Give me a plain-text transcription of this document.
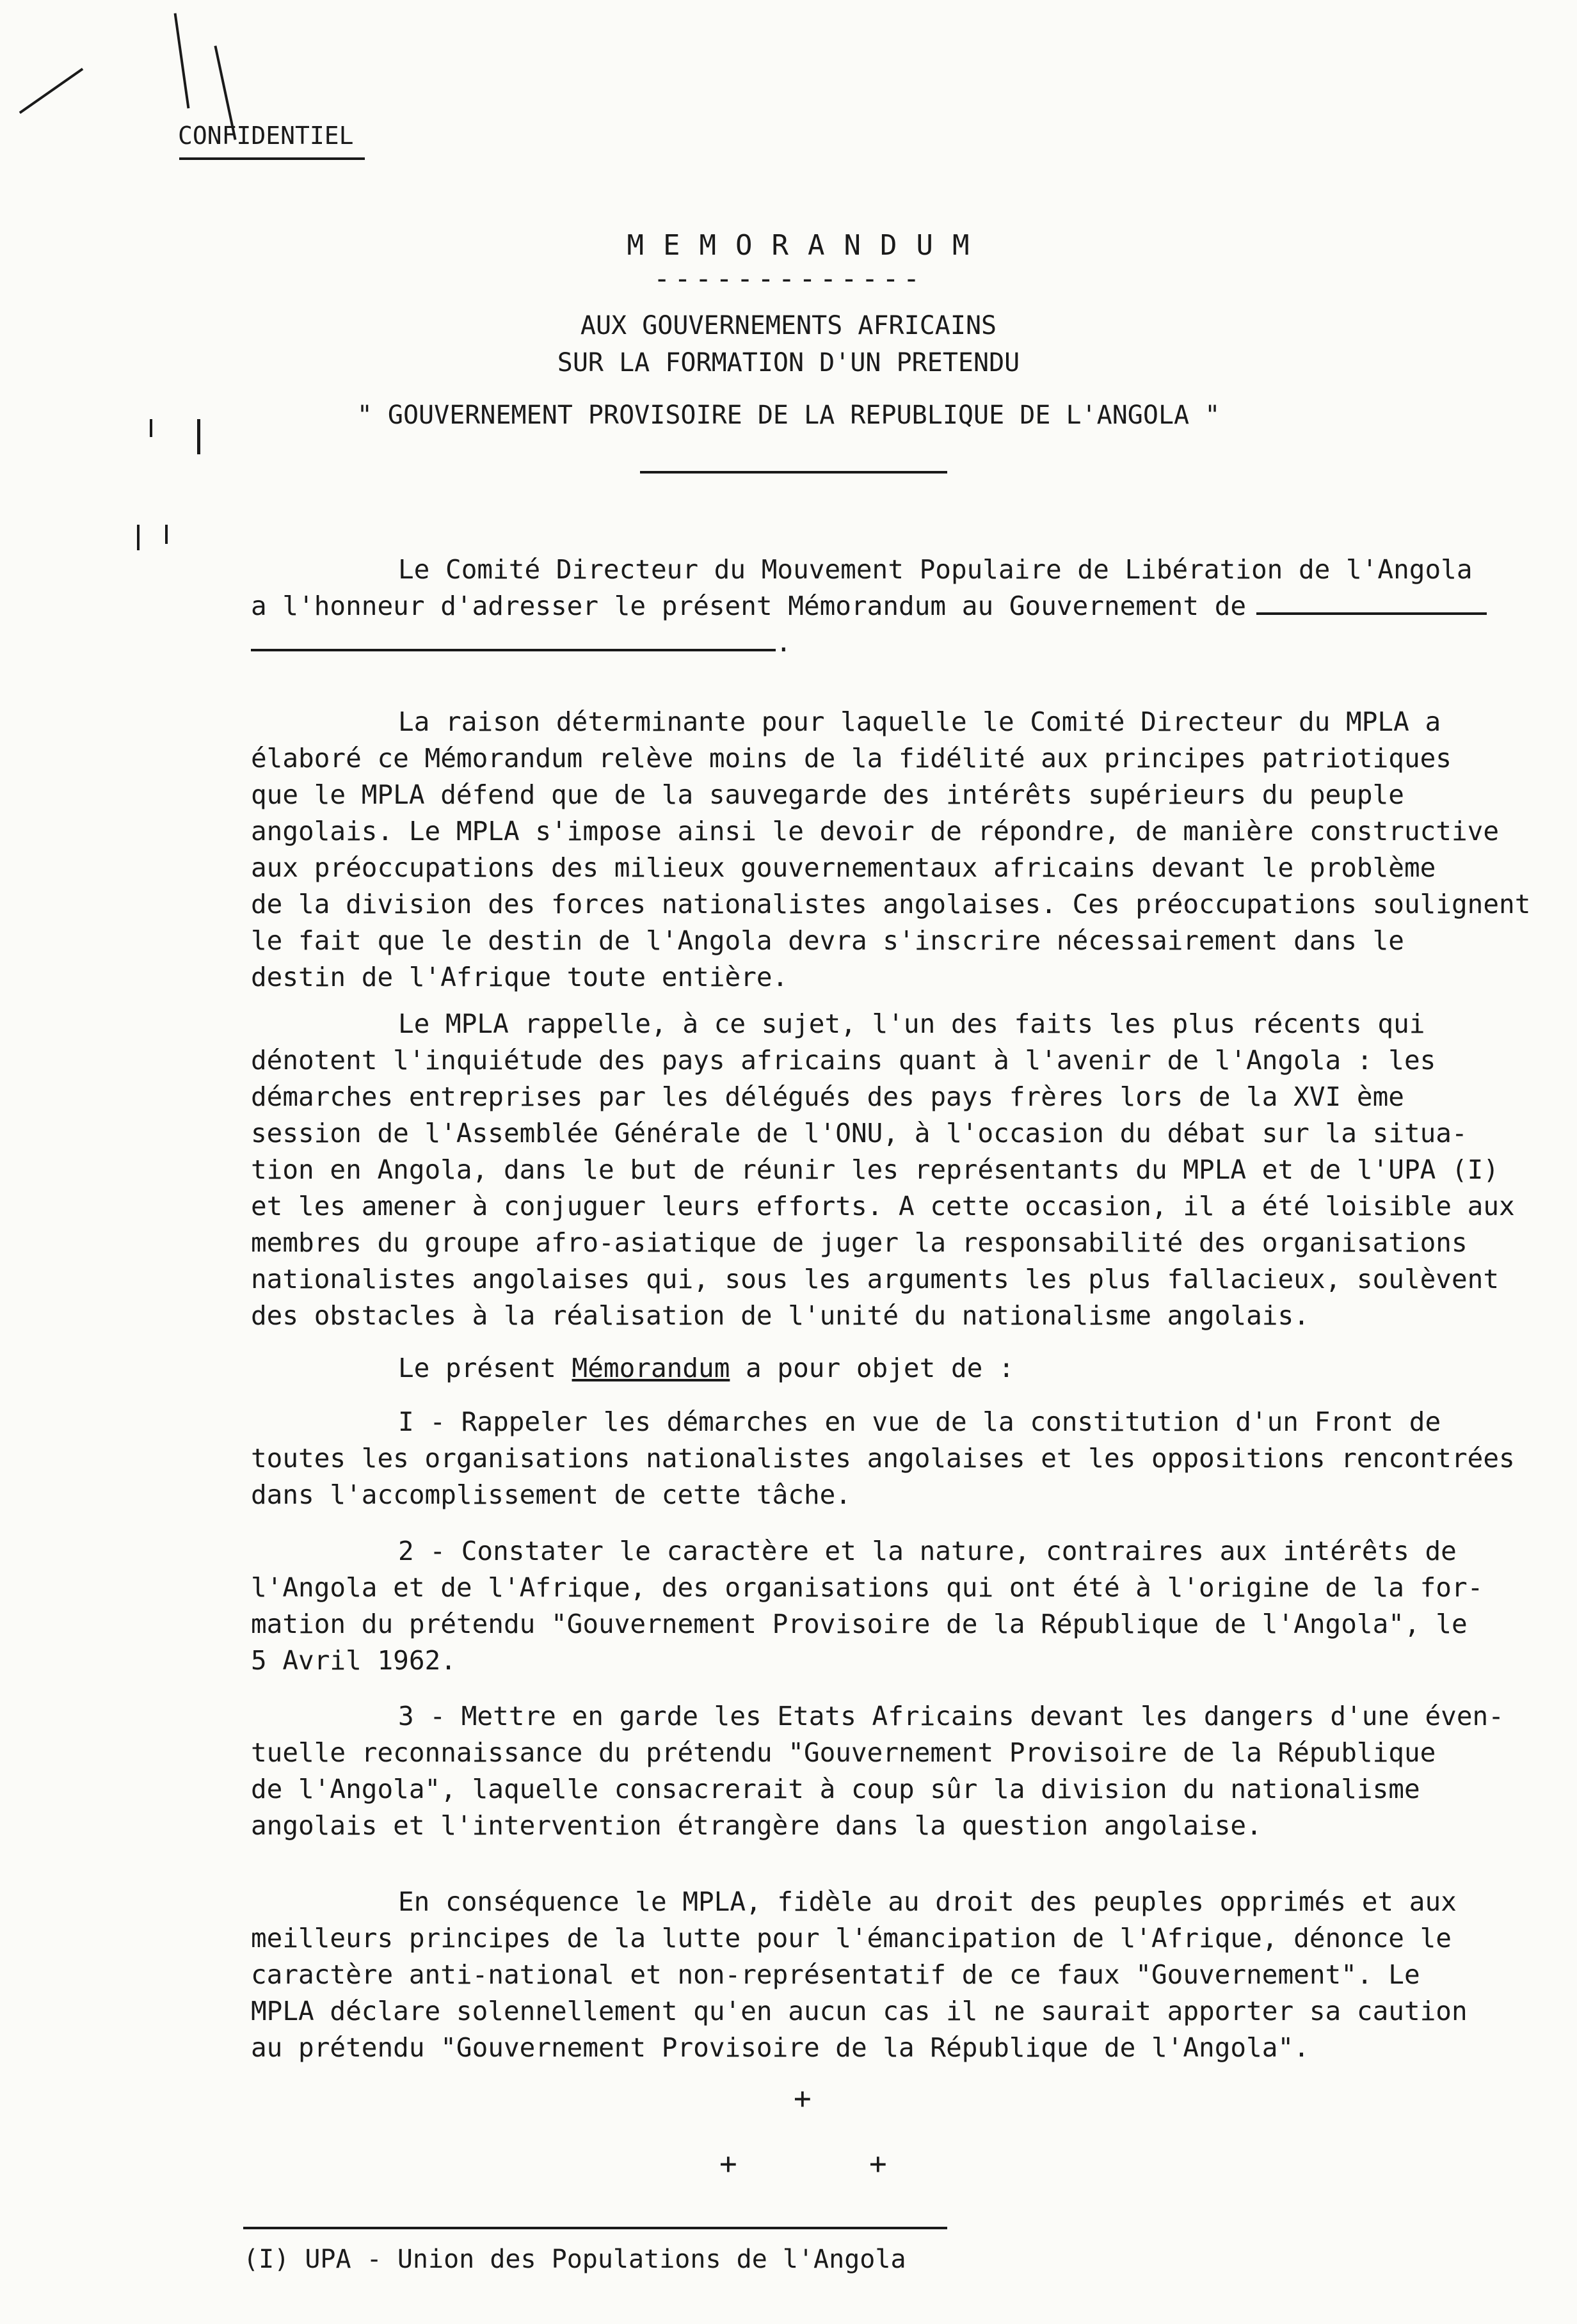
CONFIDENTIEL
MEMORANDUM
-------------
AUX GOUVERNEMENTS AFRICAINS
SUR LA FORMATION D'UN PRETENDU
" GOUVERNEMENT PROVISOIRE DE LA REPUBLIQUE DE L'ANGOLA "
Le Comité Directeur du Mouvement Populaire de Libération de l'Angola
a l'honneur d'adresser le présent Mémorandum au Gouvernement de
.
La raison déterminante pour laquelle le Comité Directeur du MPLA a
élaboré ce Mémorandum relève moins de la fidélité aux principes patriotiques
que le MPLA défend que de la sauvegarde des intérêts supérieurs du peuple
angolais. Le MPLA s'impose ainsi le devoir de répondre, de manière constructive
aux préoccupations des milieux gouvernementaux africains devant le problème
de la division des forces nationalistes angolaises. Ces préoccupations soulignent
le fait que le destin de l'Angola devra s'inscrire nécessairement dans le
destin de l'Afrique toute entière.
Le MPLA rappelle, à ce sujet, l'un des faits les plus récents qui
dénotent l'inquiétude des pays africains quant à l'avenir de l'Angola : les
démarches entreprises par les délégués des pays frères lors de la XVI ème
session de l'Assemblée Générale de l'ONU, à l'occasion du débat sur la situa-
tion en Angola, dans le but de réunir les représentants du MPLA et de l'UPA (I)
et les amener à conjuguer leurs efforts. A cette occasion, il a été loisible aux
membres du groupe afro-asiatique de juger la responsabilité des organisations
nationalistes angolaises qui, sous les arguments les plus fallacieux, soulèvent
des obstacles à la réalisation de l'unité du nationalisme angolais.
Le présent Mémorandum a pour objet de :
I - Rappeler les démarches en vue de la constitution d'un Front de
toutes les organisations nationalistes angolaises et les oppositions rencontrées
dans l'accomplissement de cette tâche.
2 - Constater le caractère et la nature, contraires aux intérêts de
l'Angola et de l'Afrique, des organisations qui ont été à l'origine de la for-
mation du prétendu "Gouvernement Provisoire de la République de l'Angola", le
5 Avril 1962.
3 - Mettre en garde les Etats Africains devant les dangers d'une éven-
tuelle reconnaissance du prétendu "Gouvernement Provisoire de la République
de l'Angola", laquelle consacrerait à coup sûr la division du nationalisme
angolais et l'intervention étrangère dans la question angolaise.
En conséquence le MPLA, fidèle au droit des peuples opprimés et aux
meilleurs principes de la lutte pour l'émancipation de l'Afrique, dénonce le
caractère anti-national et non-représentatif de ce faux "Gouvernement". Le
MPLA déclare solennellement qu'en aucun cas il ne saurait apporter sa caution
au prétendu "Gouvernement Provisoire de la République de l'Angola".
+
+	+
(I) UPA - Union des Populations de l'Angola
